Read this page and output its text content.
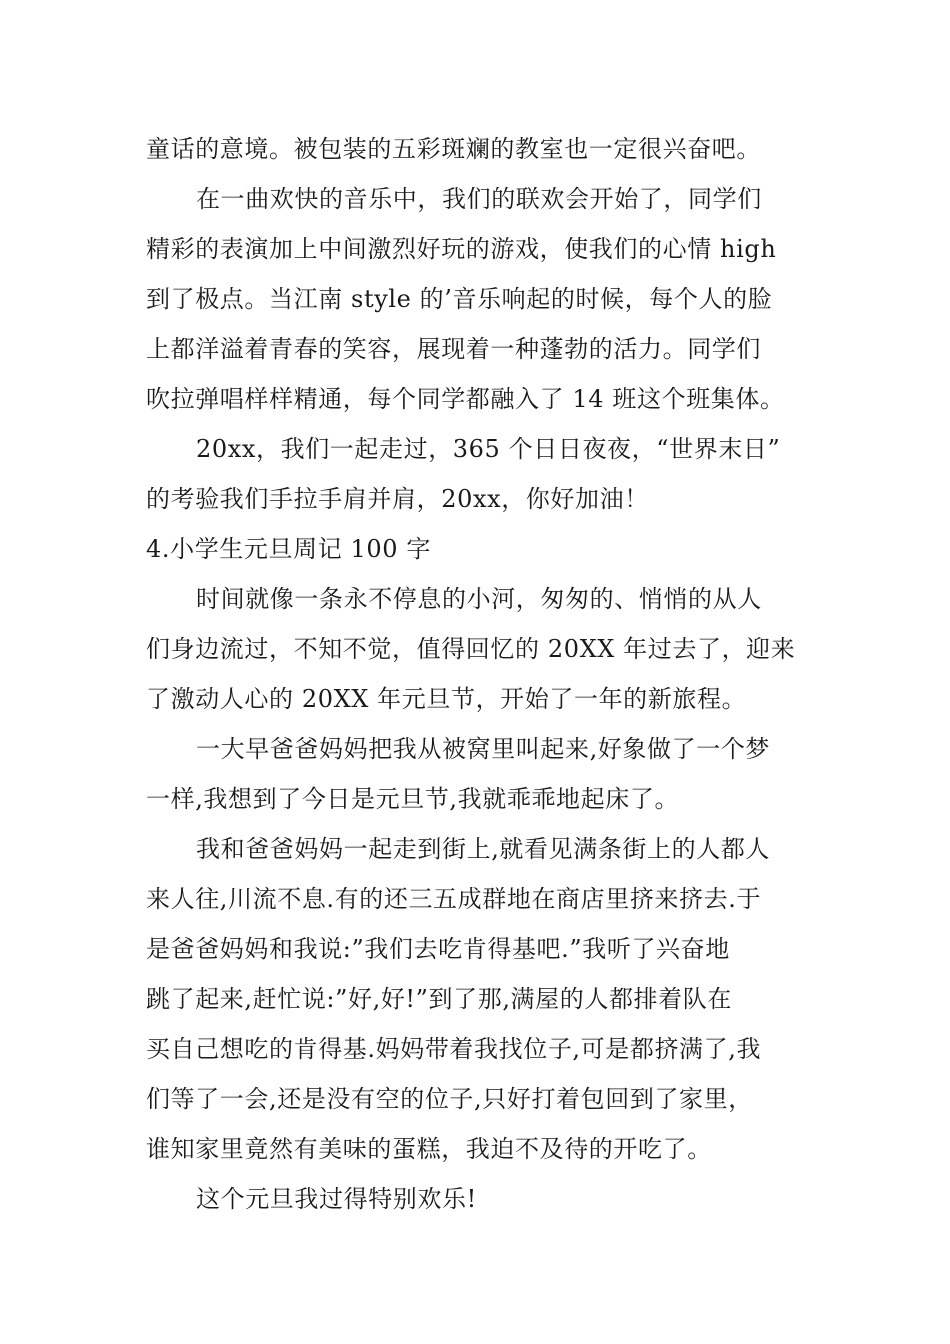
童话的意境。被包装的五彩斑斓的教室也一定很兴奋吧。
在一曲欢快的音乐中，我们的联欢会开始了，同学们
精彩的表演加上中间激烈好玩的游戏，使我们的心情 high
到了极点。当江南 style 的’音乐响起的时候，每个人的脸
上都洋溢着青春的笑容，展现着一种蓬勃的活力。同学们
吹拉弹唱样样精通，每个同学都融入了 14 班这个班集体。
20xx，我们一起走过，365 个日日夜夜，“世界末日”
的考验我们手拉手肩并肩，20xx，你好加油！
4.小学生元旦周记 100 字
时间就像一条永不停息的小河，匆匆的、悄悄的从人
们身边流过，不知不觉，值得回忆的 20XX 年过去了，迎来
了激动人心的 20XX 年元旦节，开始了一年的新旅程。
一大早爸爸妈妈把我从被窝里叫起来,好象做了一个梦
一样,我想到了今日是元旦节,我就乖乖地起床了。
我和爸爸妈妈一起走到街上,就看见满条街上的人都人
来人往,川流不息.有的还三五成群地在商店里挤来挤去.于
是爸爸妈妈和我说:”我们去吃肯得基吧.”我听了兴奋地
跳了起来,赶忙说:”好,好!”到了那,满屋的人都排着队在
买自己想吃的肯得基.妈妈带着我找位子,可是都挤满了,我
们等了一会,还是没有空的位子,只好打着包回到了家里，
谁知家里竟然有美味的蛋糕，我迫不及待的开吃了。
这个元旦我过得特别欢乐!
